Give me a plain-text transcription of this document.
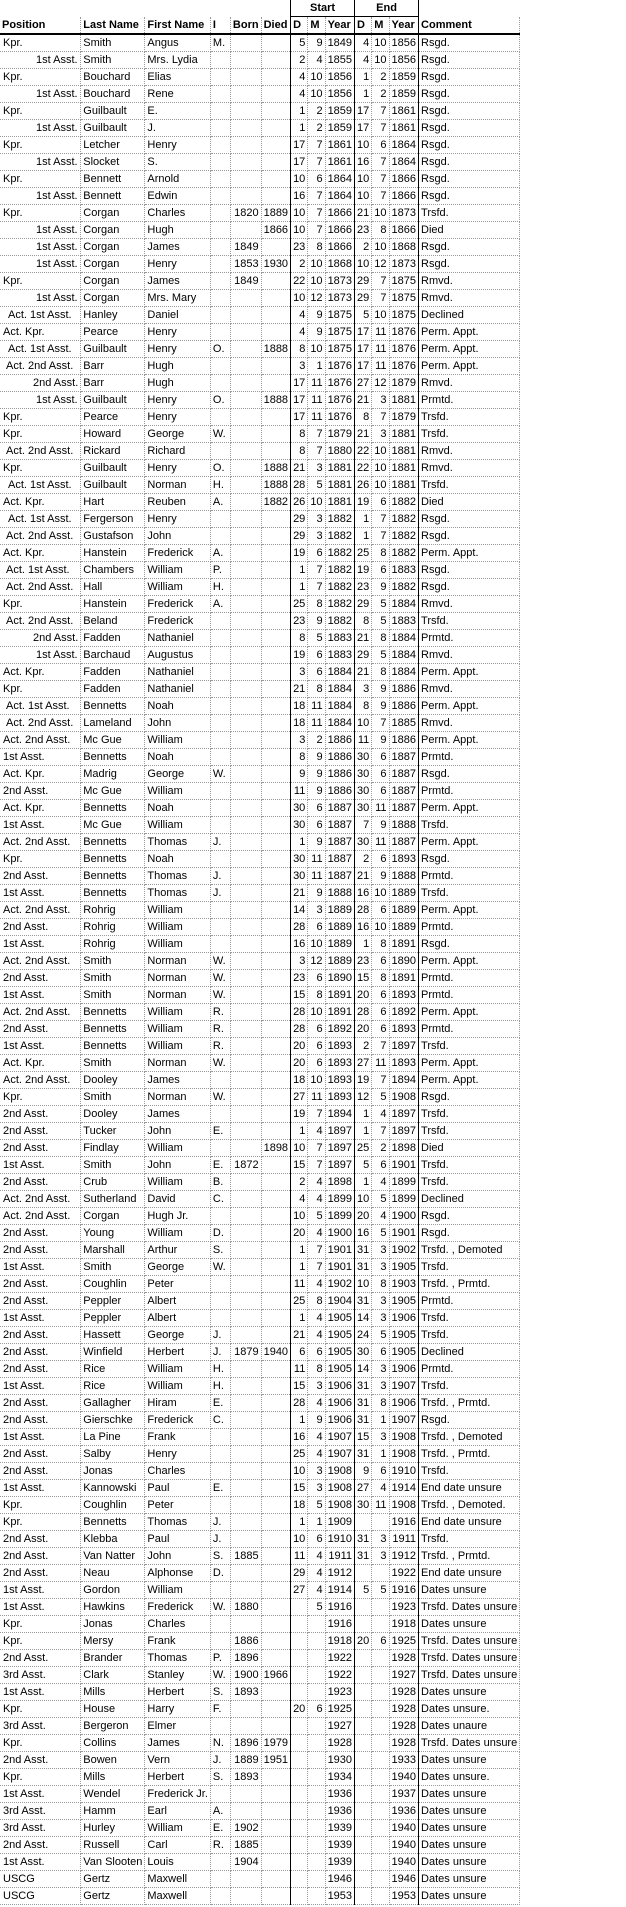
						Start			End			
Position	Last Name	First Name	I	Born	Died	D	M	Year	D	M	Year	Comment
Kpr.	Smith	Angus	M.			5	9	1849	4	10	1856	Rsgd.
1st Asst.	Smith	Mrs. Lydia				2	4	1855	4	10	1856	Rsgd.
Kpr.	Bouchard	Elias				4	10	1856	1	2	1859	Rsgd.
1st Asst.	Bouchard	Rene				4	10	1856	1	2	1859	Rsgd.
Kpr.	Guilbault	E.				1	2	1859	17	7	1861	Rsgd.
1st Asst.	Guilbault	J.				1	2	1859	17	7	1861	Rsgd.
Kpr.	Letcher	Henry				17	7	1861	10	6	1864	Rsgd.
1st Asst.	Slocket	S.				17	7	1861	16	7	1864	Rsgd.
Kpr.	Bennett	Arnold				10	6	1864	10	7	1866	Rsgd.
1st Asst.	Bennett	Edwin				16	7	1864	10	7	1866	Rsgd.
Kpr.	Corgan	Charles		1820	1889	10	7	1866	21	10	1873	Trsfd.
1st Asst.	Corgan	Hugh			1866	10	7	1866	23	8	1866	Died
1st Asst.	Corgan	James		1849		23	8	1866	2	10	1868	Rsgd.
1st Asst.	Corgan	Henry		1853	1930	2	10	1868	10	12	1873	Rsgd.
Kpr.	Corgan	James		1849		22	10	1873	29	7	1875	Rmvd.
1st Asst.	Corgan	Mrs. Mary				10	12	1873	29	7	1875	Rmvd.
Act. 1st Asst.	Hanley	Daniel				4	9	1875	5	10	1875	Declined
Act. Kpr.	Pearce	Henry				4	9	1875	17	11	1876	Perm. Appt.
Act. 1st Asst.	Guilbault	Henry	O.		1888	8	10	1875	17	11	1876	Perm. Appt.
Act. 2nd Asst.	Barr	Hugh				3	1	1876	17	11	1876	Perm. Appt.
2nd Asst.	Barr	Hugh				17	11	1876	27	12	1879	Rmvd.
1st Asst.	Guilbault	Henry	O.		1888	17	11	1876	21	3	1881	Prmtd.
Kpr.	Pearce	Henry				17	11	1876	8	7	1879	Trsfd.
Kpr.	Howard	George	W.			8	7	1879	21	3	1881	Trsfd.
Act. 2nd Asst.	Rickard	Richard				8	7	1880	22	10	1881	Rmvd.
Kpr.	Guilbault	Henry	O.		1888	21	3	1881	22	10	1881	Rmvd.
Act. 1st Asst.	Guilbault	Norman	H.		1888	28	5	1881	26	10	1881	Trsfd.
Act. Kpr.	Hart	Reuben	A.		1882	26	10	1881	19	6	1882	Died
Act. 1st Asst.	Fergerson	Henry				29	3	1882	1	7	1882	Rsgd.
Act. 2nd Asst.	Gustafson	John				29	3	1882	1	7	1882	Rsgd.
Act. Kpr.	Hanstein	Frederick	A.			19	6	1882	25	8	1882	Perm. Appt.
Act. 1st Asst.	Chambers	William	P.			1	7	1882	19	6	1883	Rsgd.
Act. 2nd Asst.	Hall	William	H.			1	7	1882	23	9	1882	Rsgd.
Kpr.	Hanstein	Frederick	A.			25	8	1882	29	5	1884	Rmvd.
Act. 2nd Asst.	Beland	Frederick				23	9	1882	8	5	1883	Trsfd.
2nd Asst.	Fadden	Nathaniel				8	5	1883	21	8	1884	Prmtd.
1st Asst.	Barchaud	Augustus				19	6	1883	29	5	1884	Rmvd.
Act. Kpr.	Fadden	Nathaniel				3	6	1884	21	8	1884	Perm. Appt.
Kpr.	Fadden	Nathaniel				21	8	1884	3	9	1886	Rmvd.
Act. 1st Asst.	Bennetts	Noah				18	11	1884	8	9	1886	Perm. Appt.
Act. 2nd Asst.	Lameland	John				18	11	1884	10	7	1885	Rmvd.
Act. 2nd Asst.	Mc Gue	William				3	2	1886	11	9	1886	Perm. Appt.
1st Asst.	Bennetts	Noah				8	9	1886	30	6	1887	Prmtd.
Act. Kpr.	Madrig	George	W.			9	9	1886	30	6	1887	Rsgd.
2nd Asst.	Mc Gue	William				11	9	1886	30	6	1887	Prmtd.
Act. Kpr.	Bennetts	Noah				30	6	1887	30	11	1887	Perm. Appt.
1st Asst.	Mc Gue	William				30	6	1887	7	9	1888	Trsfd.
Act. 2nd Asst.	Bennetts	Thomas	J.			1	9	1887	30	11	1887	Perm. Appt.
Kpr.	Bennetts	Noah				30	11	1887	2	6	1893	Rsgd.
2nd Asst.	Bennetts	Thomas	J.			30	11	1887	21	9	1888	Prmtd.
1st Asst.	Bennetts	Thomas	J.			21	9	1888	16	10	1889	Trsfd.
Act. 2nd Asst.	Rohrig	William				14	3	1889	28	6	1889	Perm. Appt.
2nd Asst.	Rohrig	William				28	6	1889	16	10	1889	Prmtd.
1st Asst.	Rohrig	William				16	10	1889	1	8	1891	Rsgd.
Act. 2nd Asst.	Smith	Norman	W.			3	12	1889	23	6	1890	Perm. Appt.
2nd Asst.	Smith	Norman	W.			23	6	1890	15	8	1891	Prmtd.
1st Asst.	Smith	Norman	W.			15	8	1891	20	6	1893	Prmtd.
Act. 2nd Asst.	Bennetts	William	R.			28	10	1891	28	6	1892	Perm. Appt.
2nd Asst.	Bennetts	William	R.			28	6	1892	20	6	1893	Prmtd.
1st Asst.	Bennetts	William	R.			20	6	1893	2	7	1897	Trsfd.
Act. Kpr.	Smith	Norman	W.			20	6	1893	27	11	1893	Perm. Appt.
Act. 2nd Asst.	Dooley	James				18	10	1893	19	7	1894	Perm. Appt.
Kpr.	Smith	Norman	W.			27	11	1893	12	5	1908	Rsgd.
2nd Asst.	Dooley	James				19	7	1894	1	4	1897	Trsfd.
2nd Asst.	Tucker	John	E.			1	4	1897	1	7	1897	Trsfd.
2nd Asst.	Findlay	William			1898	10	7	1897	25	2	1898	Died
1st Asst.	Smith	John	E.	1872		15	7	1897	5	6	1901	Trsfd.
2nd Asst.	Crub	William	B.			2	4	1898	1	4	1899	Trsfd.
Act. 2nd Asst.	Sutherland	David	C.			4	4	1899	10	5	1899	Declined
Act. 2nd Asst.	Corgan	Hugh Jr.				10	5	1899	20	4	1900	Rsgd.
2nd Asst.	Young	William	D.			20	4	1900	16	5	1901	Rsgd.
2nd Asst.	Marshall	Arthur	S.			1	7	1901	31	3	1902	Trsfd. , Demoted
1st Asst.	Smith	George	W.			1	7	1901	31	3	1905	Trsfd.
2nd Asst.	Coughlin	Peter				11	4	1902	10	8	1903	Trsfd. , Prmtd.
2nd Asst.	Peppler	Albert				25	8	1904	31	3	1905	Prmtd.
1st Asst.	Peppler	Albert				1	4	1905	14	3	1906	Trsfd.
2nd Asst.	Hassett	George	J.			21	4	1905	24	5	1905	Trsfd.
2nd Asst.	Winfield	Herbert	J.	1879	1940	6	6	1905	30	6	1905	Declined
2nd Asst.	Rice	William	H.			11	8	1905	14	3	1906	Prmtd.
1st Asst.	Rice	William	H.			15	3	1906	31	3	1907	Trsfd.
2nd Asst.	Gallagher	Hiram	E.			28	4	1906	31	8	1906	Trsfd. , Prmtd.
2nd Asst.	Gierschke	Frederick	C.			1	9	1906	31	1	1907	Rsgd.
1st Asst.	La Pine	Frank				16	4	1907	15	3	1908	Trsfd. , Demoted
2nd Asst.	Salby	Henry				25	4	1907	31	1	1908	Trsfd. , Prmtd.
2nd Asst.	Jonas	Charles				10	3	1908	9	6	1910	Trsfd.
1st Asst.	Kannowski	Paul	E.			15	3	1908	27	4	1914	End date unsure
Kpr.	Coughlin	Peter				18	5	1908	30	11	1908	Trsfd. , Demoted.
Kpr.	Bennetts	Thomas	J.			1	1	1909			1916	End date unsure
2nd Asst.	Klebba	Paul	J.			10	6	1910	31	3	1911	Trsfd.
2nd Asst.	Van Natter	John	S.	1885		11	4	1911	31	3	1912	Trsfd. , Prmtd.
2nd Asst.	Neau	Alphonse	D.			29	4	1912			1922	End date unsure
1st Asst.	Gordon	William				27	4	1914	5	5	1916	Dates unsure
1st Asst.	Hawkins	Frederick	W.	1880			5	1916			1923	Trsfd. Dates unsure
Kpr.	Jonas	Charles						1916			1918	Dates unsure
Kpr.	Mersy	Frank		1886				1918	20	6	1925	Trsfd. Dates unsure
2nd Asst.	Brander	Thomas	P.	1896				1922			1928	Trsfd. Dates unsure
3rd Asst.	Clark	Stanley	W.	1900	1966			1922			1927	Trsfd. Dates unsure
1st Asst.	Mills	Herbert	S.	1893				1923			1928	Dates unsure
Kpr.	House	Harry	F.			20	6	1925			1928	Dates unsure.
3rd Asst.	Bergeron	Elmer						1927			1928	Dates unaure
Kpr.	Collins	James	N.	1896	1979			1928			1928	Trsfd. Dates unsure
2nd Asst.	Bowen	Vern	J.	1889	1951			1930			1933	Dates unsure
Kpr.	Mills	Herbert	S.	1893				1934			1940	Dates unsure.
1st Asst.	Wendel	Frederick Jr.						1936			1937	Dates unsure
3rd Asst.	Hamm	Earl	A.					1936			1936	Dates unsure
3rd Asst.	Hurley	William	E.	1902				1939			1940	Dates unsure
2nd Asst.	Russell	Carl	R.	1885				1939			1940	Dates unsure
1st Asst.	Van Slooten	Louis		1904				1939			1940	Dates unsure
USCG	Gertz	Maxwell						1946			1946	Dates unsure
USCG	Gertz	Maxwell						1953			1953	Dates unsure
